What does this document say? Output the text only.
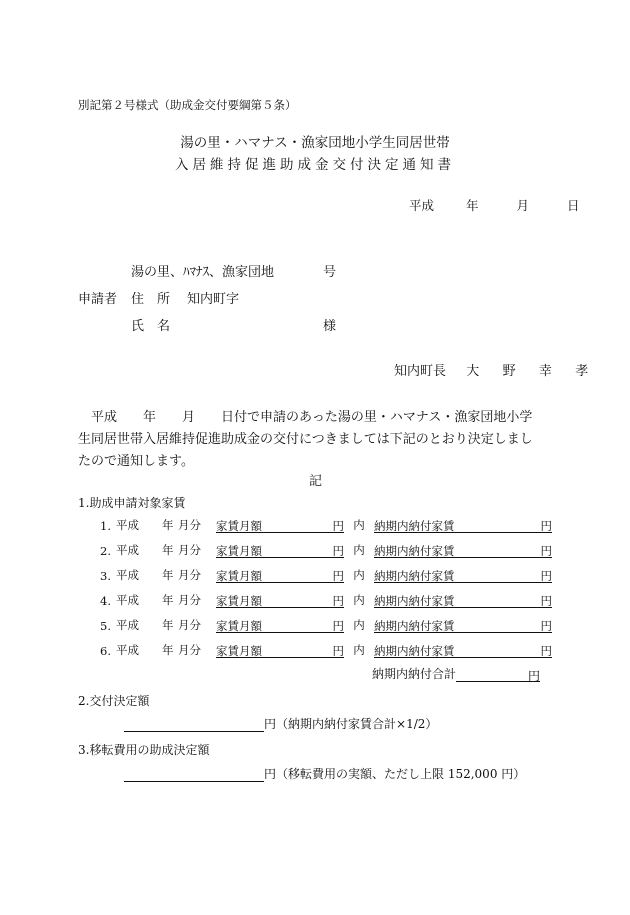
別記第２号様式（助成金交付要綱第５条）
湯の里・ハマナス・漁家団地小学生同居世帯
入居維持促進助成金交付決定通知書
平成	年	月	日
湯の里、ﾊﾏﾅｽ、漁家団地	号
申請者 住　所 知内町字
氏　名	様
知内町長 大 野 幸 孝

　平成　　年　　月　　日付で申請のあった湯の里・ハマナス・漁家団地小学

生同居世帯入居維持促進助成金の交付につきましては下記のとおり決定しまし

たので通知します。

記
1.助成申請対象家賃
1. 平成	年 月分	家賃月額	円 内 納期内納付家賃	円
2. 平成	年 月分	家賃月額	円 内 納期内納付家賃	円
3. 平成	年 月分	家賃月額	円 内 納期内納付家賃	円
4. 平成	年 月分	家賃月額	円 内 納期内納付家賃	円
5. 平成	年 月分	家賃月額	円 内 納期内納付家賃	円
6. 平成	年 月分	家賃月額	円 内 納期内納付家賃	円
納期内納付合計	円
2.交付決定額
円 （納期内納付家賃合計×1/2）
3.移転費用の助成決定額
円 （移転費用の実額、ただし上限 152,000 円）
